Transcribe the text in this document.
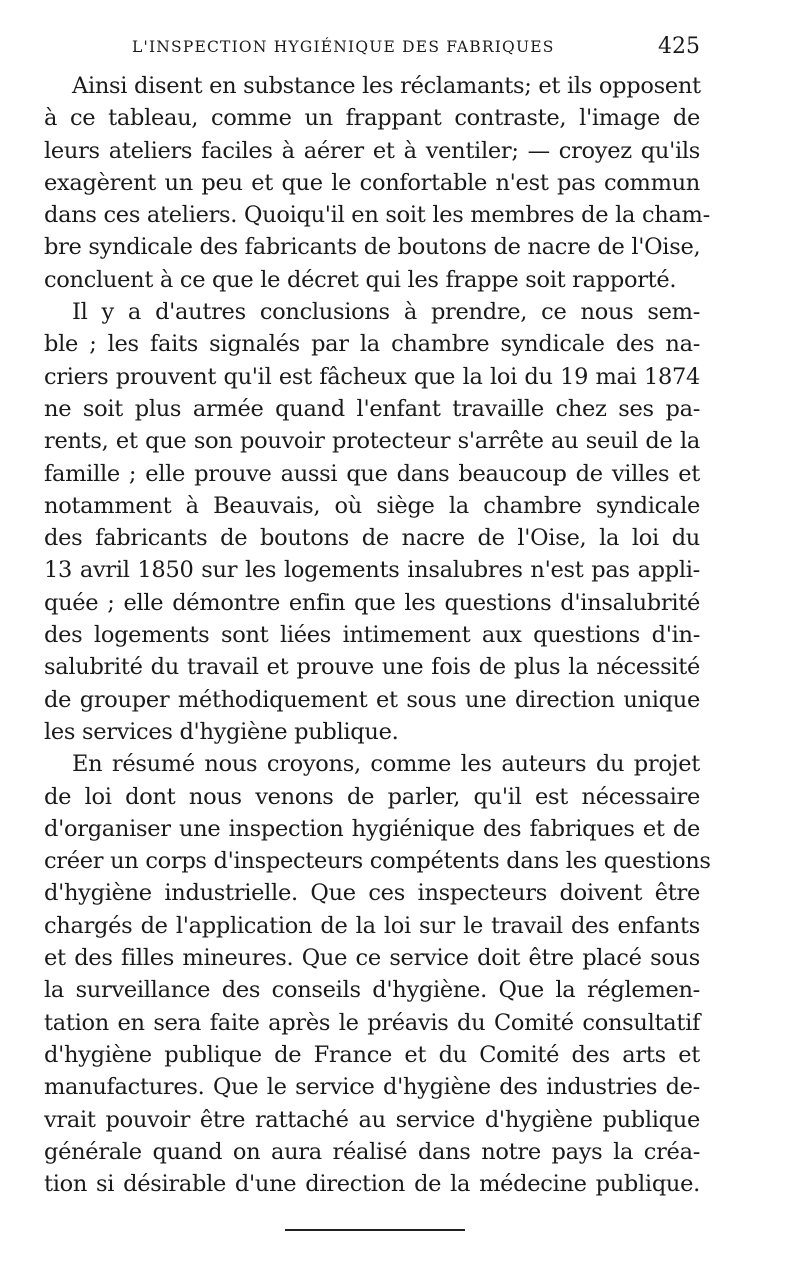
L'INSPECTION HYGIÉNIQUE DES FABRIQUES	425
Ainsi disent en substance les réclamants; et ils opposent
à ce tableau, comme un frappant contraste, l'image de
leurs ateliers faciles à aérer et à ventiler; — croyez qu'ils
exagèrent un peu et que le confortable n'est pas commun
dans ces ateliers. Quoiqu'il en soit les membres de la cham-
bre syndicale des fabricants de boutons de nacre de l'Oise,
concluent à ce que le décret qui les frappe soit rapporté.
Il y a d'autres conclusions à prendre, ce nous sem-
ble ; les faits signalés par la chambre syndicale des na-
criers prouvent qu'il est fâcheux que la loi du 19 mai 1874
ne soit plus armée quand l'enfant travaille chez ses pa-
rents, et que son pouvoir protecteur s'arrête au seuil de la
famille ; elle prouve aussi que dans beaucoup de villes et
notamment à Beauvais, où siège la chambre syndicale
des fabricants de boutons de nacre de l'Oise, la loi du
13 avril 1850 sur les logements insalubres n'est pas appli-
quée ; elle démontre enfin que les questions d'insalubrité
des logements sont liées intimement aux questions d'in-
salubrité du travail et prouve une fois de plus la nécessité
de grouper méthodiquement et sous une direction unique
les services d'hygiène publique.
En résumé nous croyons, comme les auteurs du projet
de loi dont nous venons de parler, qu'il est nécessaire
d'organiser une inspection hygiénique des fabriques et de
créer un corps d'inspecteurs compétents dans les questions
d'hygiène industrielle. Que ces inspecteurs doivent être
chargés de l'application de la loi sur le travail des enfants
et des filles mineures. Que ce service doit être placé sous
la surveillance des conseils d'hygiène. Que la réglemen-
tation en sera faite après le préavis du Comité consultatif
d'hygiène publique de France et du Comité des arts et
manufactures. Que le service d'hygiène des industries de-
vrait pouvoir être rattaché au service d'hygiène publique
générale quand on aura réalisé dans notre pays la créa-
tion si désirable d'une direction de la médecine publique.
